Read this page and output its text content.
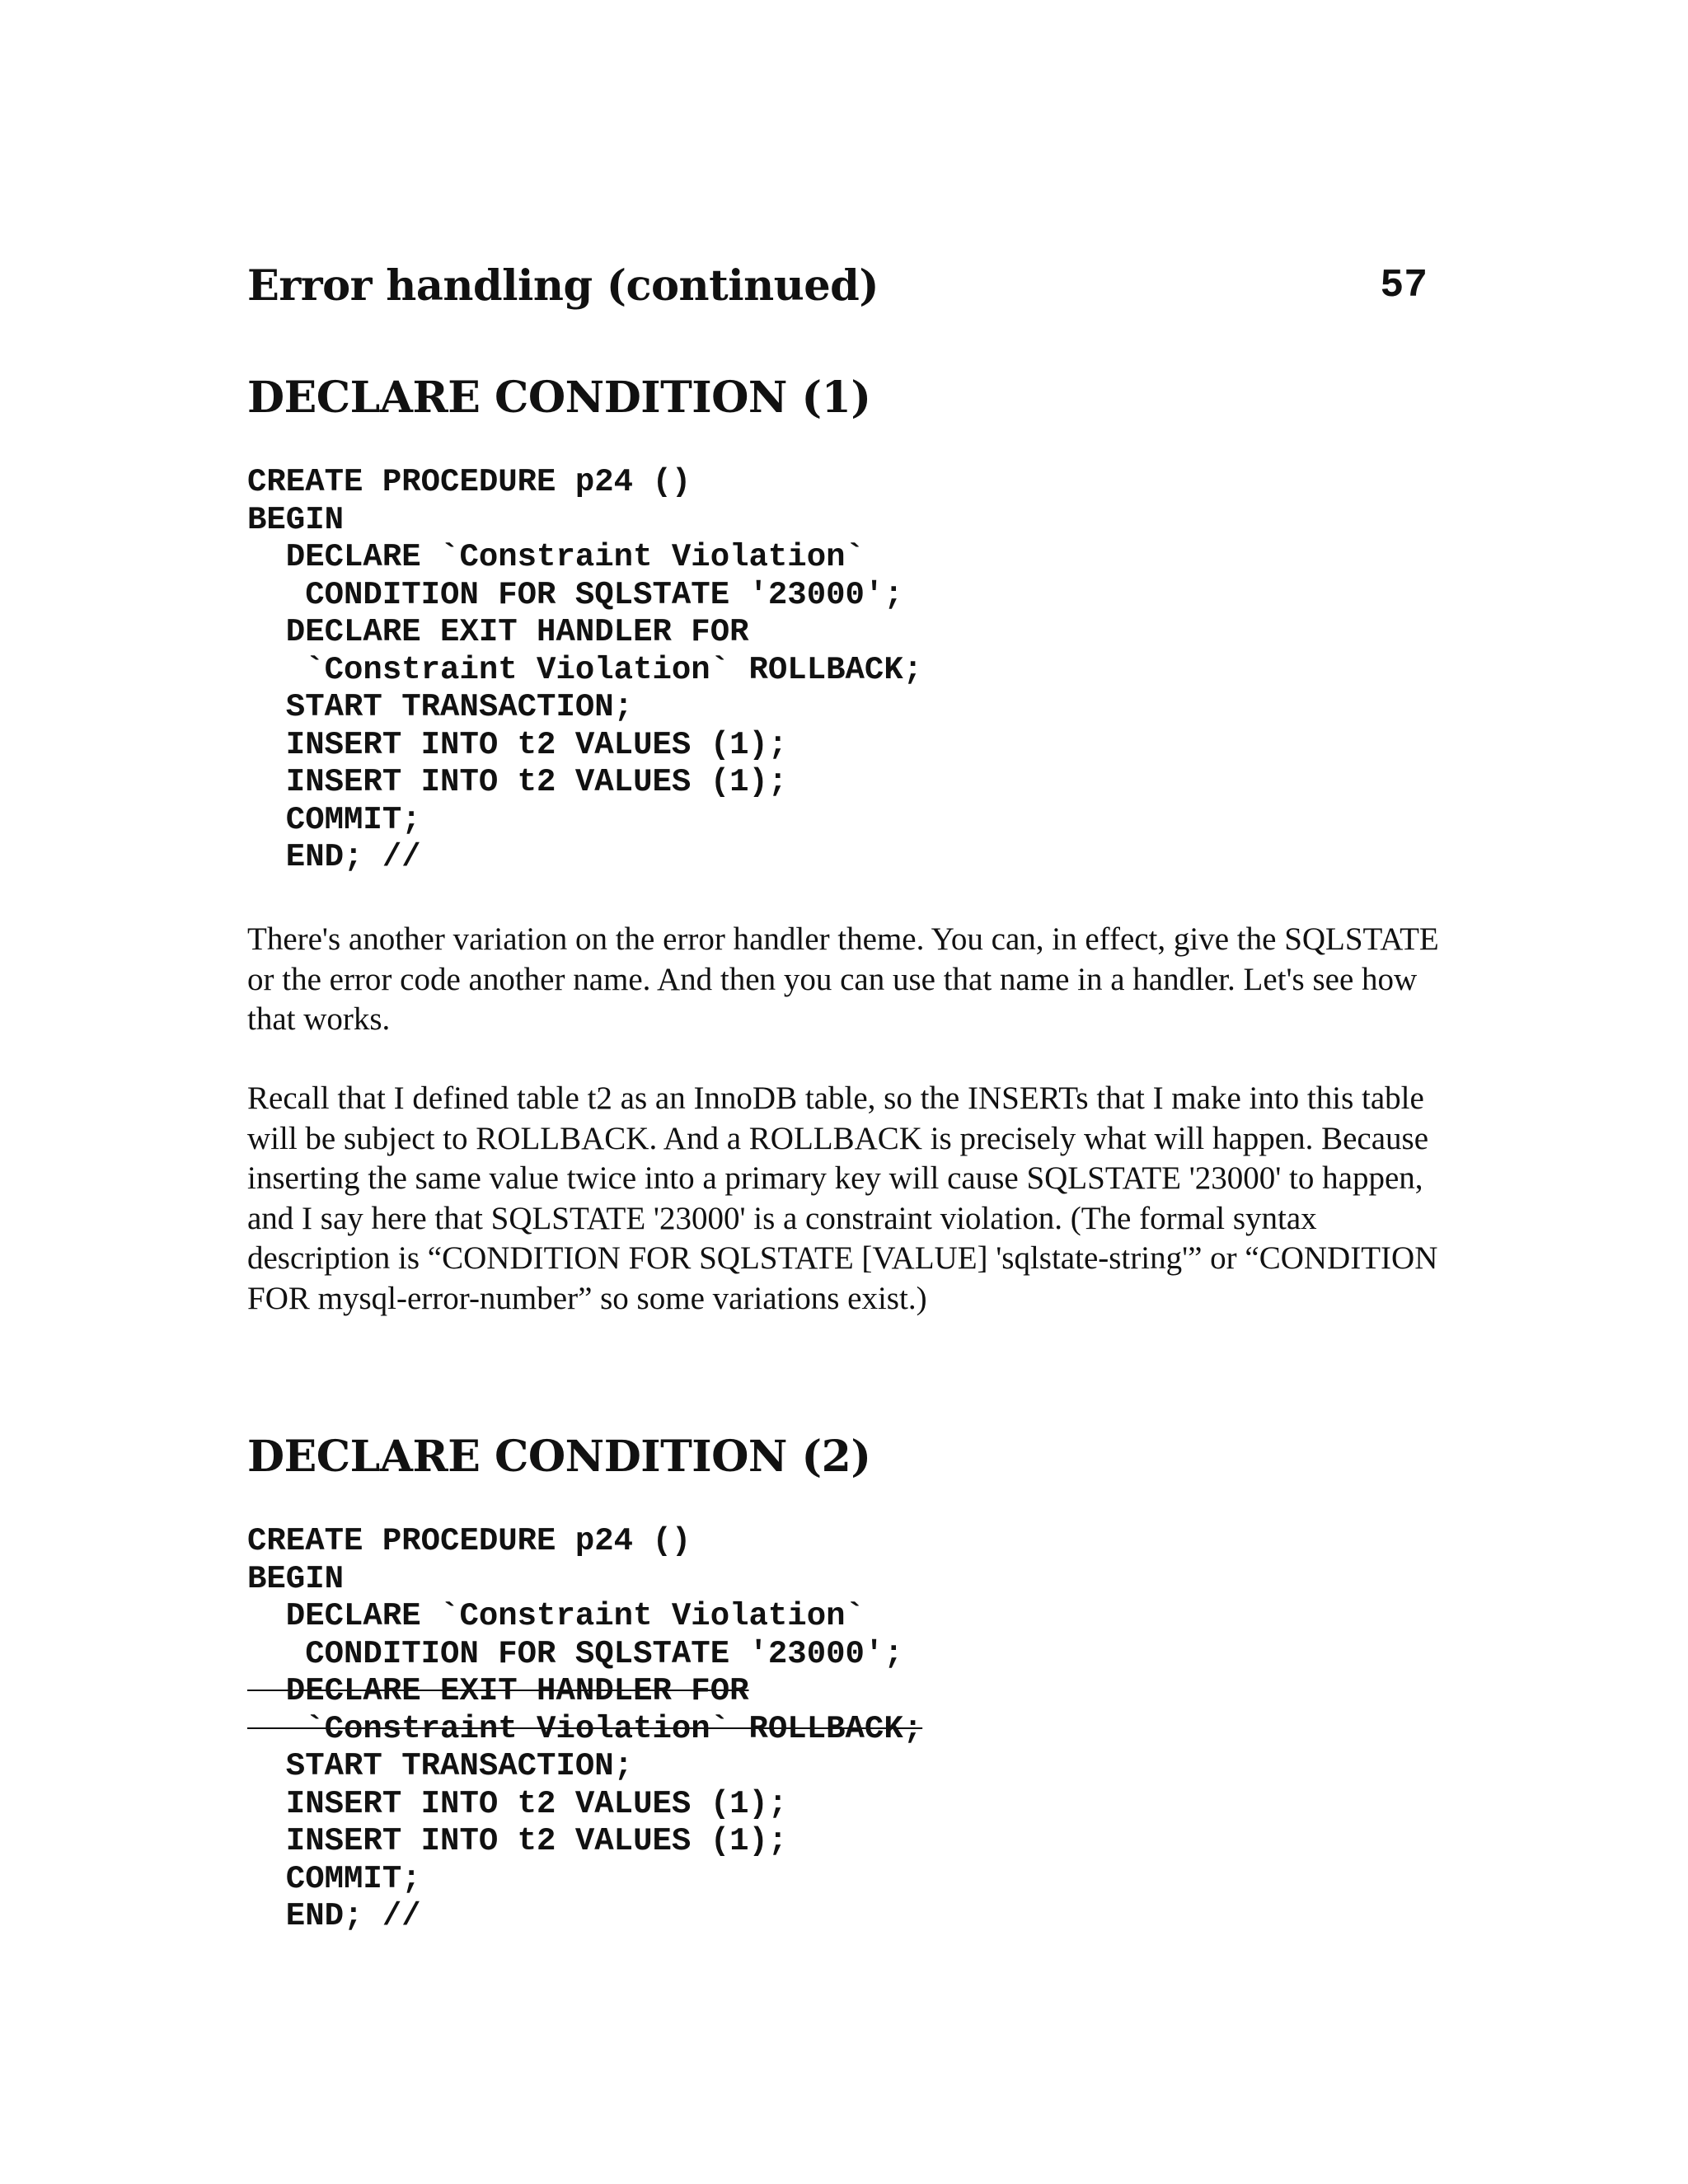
Error handling (continued)	57
DECLARE CONDITION (1)
CREATE PROCEDURE p24 ()
BEGIN
DECLARE `Constraint Violation`
CONDITION FOR SQLSTATE '23000';
DECLARE EXIT HANDLER FOR
`Constraint Violation` ROLLBACK;
START TRANSACTION;
INSERT INTO t2 VALUES (1);
INSERT INTO t2 VALUES (1);
COMMIT;
END; //

There's another variation on the error handler theme. You can, in effect, give the SQLSTATE or the error code another name. And then you can use that name in a handler. Let's see how that works.

Recall that I defined table t2 as an InnoDB table, so the INSERTs that I make into this table will be subject to ROLLBACK. And a ROLLBACK is precisely what will happen. Because inserting the same value twice into a primary key will cause SQLSTATE '23000' to happen, and I say here that SQLSTATE '23000' is a constraint violation. (The formal syntax description is “CONDITION FOR SQLSTATE [VALUE] 'sqlstate-string'” or “CONDITION FOR mysql-error-number” so some variations exist.)

DECLARE CONDITION (2)
CREATE PROCEDURE p24 ()
BEGIN
DECLARE `Constraint Violation`
CONDITION FOR SQLSTATE '23000';
DECLARE EXIT HANDLER FOR
`Constraint Violation` ROLLBACK;
START TRANSACTION;
INSERT INTO t2 VALUES (1);
INSERT INTO t2 VALUES (1);
COMMIT;
END; //
